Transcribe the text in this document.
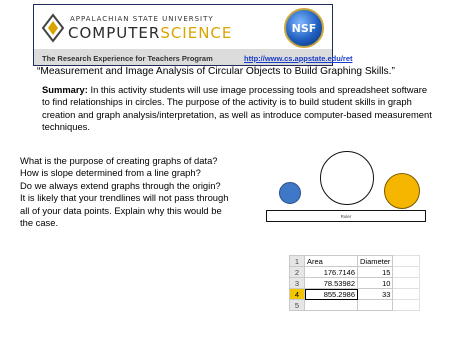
APPALACHIAN STATE UNIVERSITY
COMPUTERSCIENCE	NSF
The Research Experience for Teachers Program	http://www.cs.appstate.edu/ret
“Measurement and Image Analysis of Circular Objects to Build Graphing Skills.”
Summary: In this activity students will use image processing tools and spreadsheet software to find relationships in circles. The purpose of the activity is to build student skills in graph creation and graph analysis/interpretation, as well as introduce computer-based measurement techniques.

What is the purpose of creating graphs of data?

How is slope determined from a line graph?

Do we always extend graphs through the origin?

It is likely that your trendlines will not pass through all of your data points. Explain why this would be the case.

Ruler
1	Area	Diameter	
2	176.7146	15	
3	78.53982	10	
4	855.2986	33	
5			
